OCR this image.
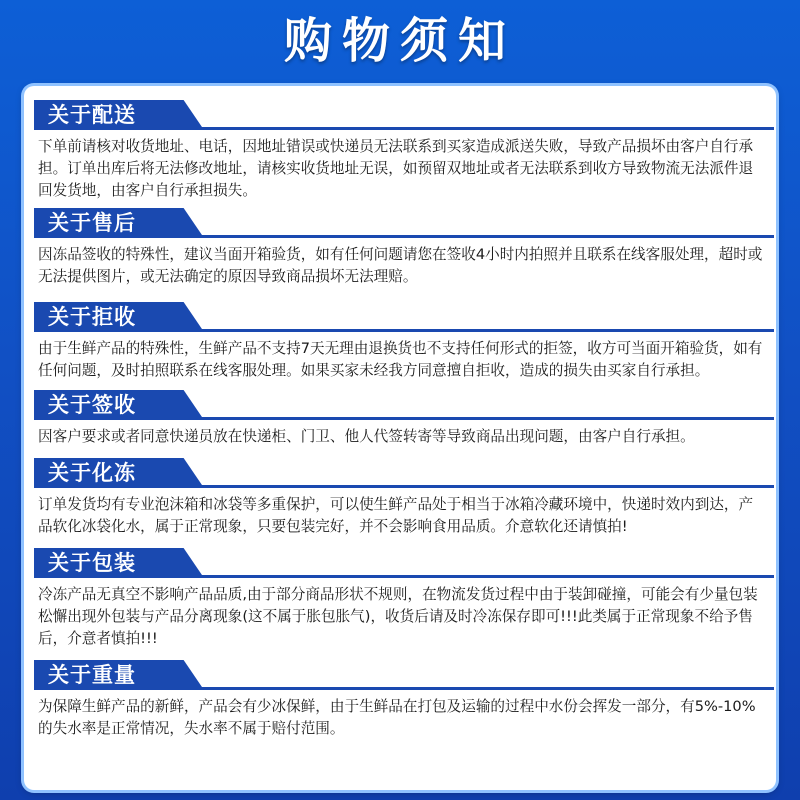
购物须知
关于配送
下单前请核对收货地址、电话，因地址错误或快递员无法联系到买家造成派送失败，导致产品损坏由客户自行承担。订单出库后将无法修改地址，请核实收货地址无误，如预留双地址或者无法联系到收方导致物流无法派件退回发货地，由客户自行承担损失。
关于售后
因冻品签收的特殊性，建议当面开箱验货，如有任何问题请您在签收4小时内拍照并且联系在线客服处理，超时或无法提供图片，或无法确定的原因导致商品损坏无法理赔。
关于拒收
由于生鲜产品的特殊性，生鲜产品不支持7天无理由退换货也不支持任何形式的拒签，收方可当面开箱验货，如有任何问题，及时拍照联系在线客服处理。如果买家未经我方同意擅自拒收，造成的损失由买家自行承担。
关于签收
因客户要求或者同意快递员放在快递柜、门卫、他人代签转寄等导致商品出现问题，由客户自行承担。
关于化冻
订单发货均有专业泡沫箱和冰袋等多重保护，可以使生鲜产品处于相当于冰箱冷藏环境中，快递时效内到达，产品软化冰袋化水，属于正常现象，只要包装完好，并不会影响食用品质。介意软化还请慎拍!
关于包装
冷冻产品无真空不影响产品品质,由于部分商品形状不规则，在物流发货过程中由于装卸碰撞，可能会有少量包装松懈出现外包装与产品分离现象(这不属于胀包胀气)，收货后请及时冷冻保存即可!!!此类属于正常现象不给予售后，介意者慎拍!!!
关于重量
为保障生鲜产品的新鲜，产品会有少冰保鲜，由于生鲜品在打包及运输的过程中水份会挥发一部分，有5%-10%的失水率是正常情况，失水率不属于赔付范围。
